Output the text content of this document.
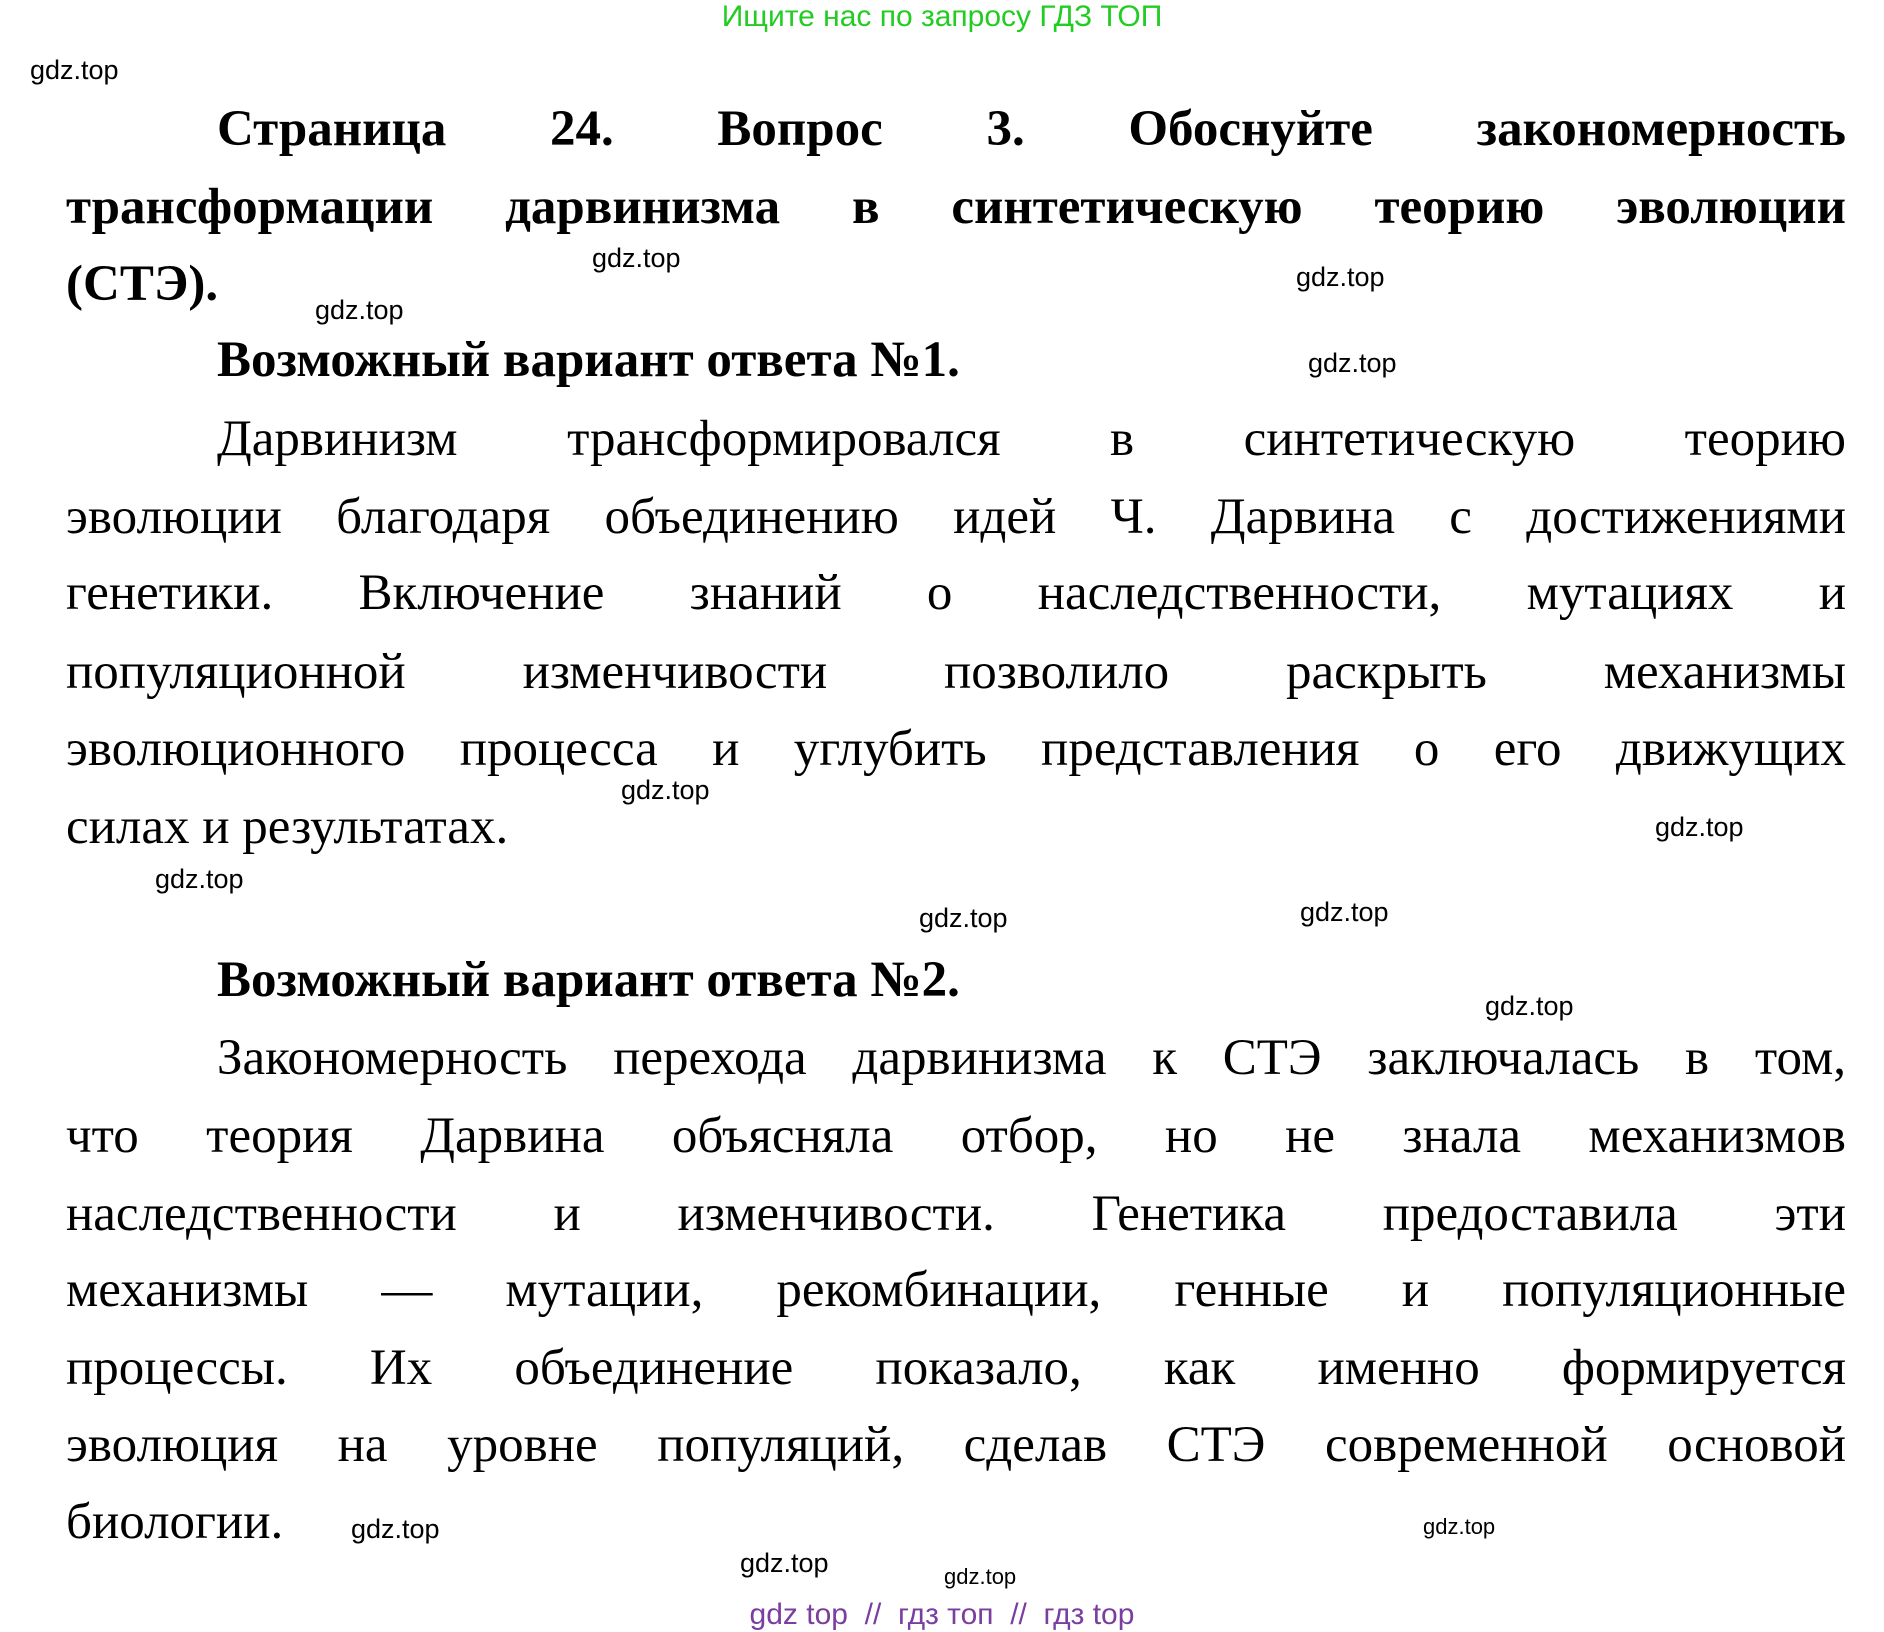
Ищите нас по запросу ГДЗ ТОП
Страница 24. Вопрос 3. Обоснуйте закономерность
трансформации дарвинизма в синтетическую теорию эволюции
(СТЭ).
Возможный вариант ответа №1.
Дарвинизм трансформировался в синтетическую теорию
эволюции благодаря объединению идей Ч. Дарвина с достижениями
генетики. Включение знаний о наследственности, мутациях и
популяционной изменчивости позволило раскрыть механизмы
эволюционного процесса и углубить представления о его движущих
силах и результатах.
Возможный вариант ответа №2.
Закономерность перехода дарвинизма к СТЭ заключалась в том,
что теория Дарвина объясняла отбор, но не знала механизмов
наследственности и изменчивости. Генетика предоставила эти
механизмы — мутации, рекомбинации, генные и популяционные
процессы. Их объединение показало, как именно формируется
эволюция на уровне популяций, сделав СТЭ современной основой
биологии.
gdz.top
gdz.top
gdz.top
gdz.top
gdz.top
gdz.top
gdz.top
gdz.top
gdz.top
gdz.top
gdz.top
gdz.top
gdz.top
gdz.top
gdz.top
gdz top // гдз топ // гдз top
